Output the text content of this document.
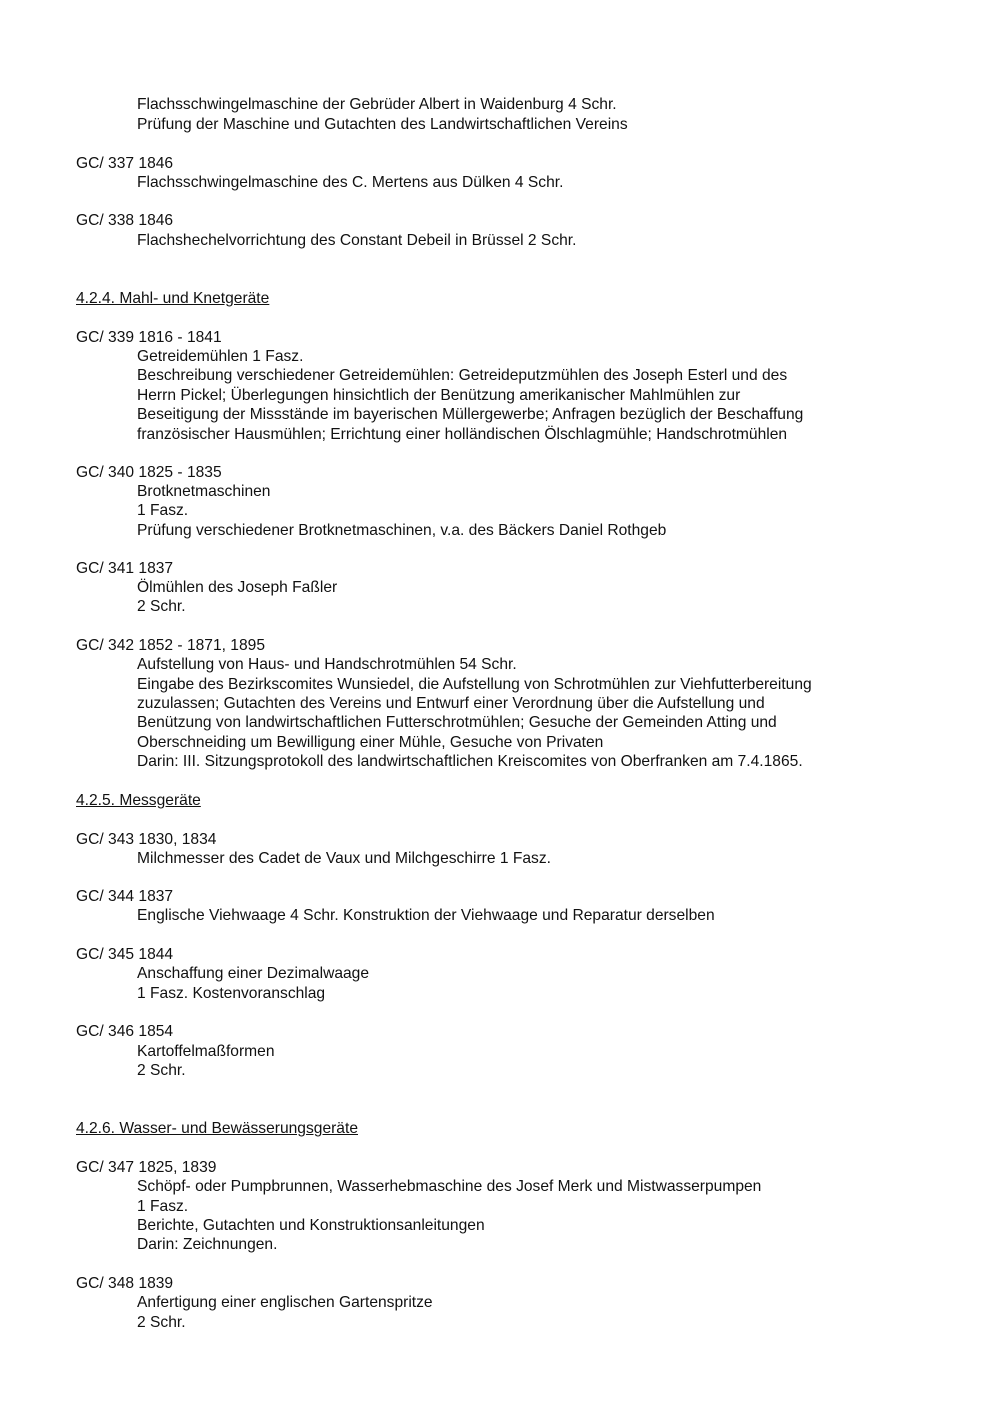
Flachsschwingelmaschine der Gebrüder Albert in Waidenburg 4 Schr.
Prüfung der Maschine und Gutachten des Landwirtschaftlichen Vereins
GC/ 337 1846
Flachsschwingelmaschine des C. Mertens aus Dülken 4 Schr.
GC/ 338 1846
Flachshechelvorrichtung des Constant Debeil in Brüssel 2 Schr.
4.2.4. Mahl- und Knetgeräte
GC/ 339 1816 - 1841
Getreidemühlen 1 Fasz.
Beschreibung verschiedener Getreidemühlen: Getreideputzmühlen des Joseph Esterl und des
Herrn Pickel; Überlegungen hinsichtlich der Benützung amerikanischer Mahlmühlen zur
Beseitigung der Missstände im bayerischen Müllergewerbe; Anfragen bezüglich der Beschaffung
französischer Hausmühlen; Errichtung einer holländischen Ölschlagmühle; Handschrotmühlen
GC/ 340 1825 - 1835
Brotknetmaschinen
1 Fasz.
Prüfung verschiedener Brotknetmaschinen, v.a. des Bäckers Daniel Rothgeb
GC/ 341 1837
Ölmühlen des Joseph Faßler
2 Schr.
GC/ 342 1852 - 1871, 1895
Aufstellung von Haus- und Handschrotmühlen 54 Schr.
Eingabe des Bezirkscomites Wunsiedel, die Aufstellung von Schrotmühlen zur Viehfutterbereitung
zuzulassen; Gutachten des Vereins und Entwurf einer Verordnung über die Aufstellung und
Benützung von landwirtschaftlichen Futterschrotmühlen; Gesuche der Gemeinden Atting und
Oberschneiding um Bewilligung einer Mühle, Gesuche von Privaten
Darin: III. Sitzungsprotokoll des landwirtschaftlichen Kreiscomites von Oberfranken am 7.4.1865.
4.2.5. Messgeräte
GC/ 343 1830, 1834
Milchmesser des Cadet de Vaux und Milchgeschirre 1 Fasz.
GC/ 344 1837
Englische Viehwaage 4 Schr. Konstruktion der Viehwaage und Reparatur derselben
GC/ 345 1844
Anschaffung einer Dezimalwaage
1 Fasz. Kostenvoranschlag
GC/ 346 1854
Kartoffelmaßformen
2 Schr.
4.2.6. Wasser- und Bewässerungsgeräte
GC/ 347 1825, 1839
Schöpf- oder Pumpbrunnen, Wasserhebmaschine des Josef Merk und Mistwasserpumpen
1 Fasz.
Berichte, Gutachten und Konstruktionsanleitungen
Darin: Zeichnungen.
GC/ 348 1839
Anfertigung einer englischen Gartenspritze
2 Schr.
